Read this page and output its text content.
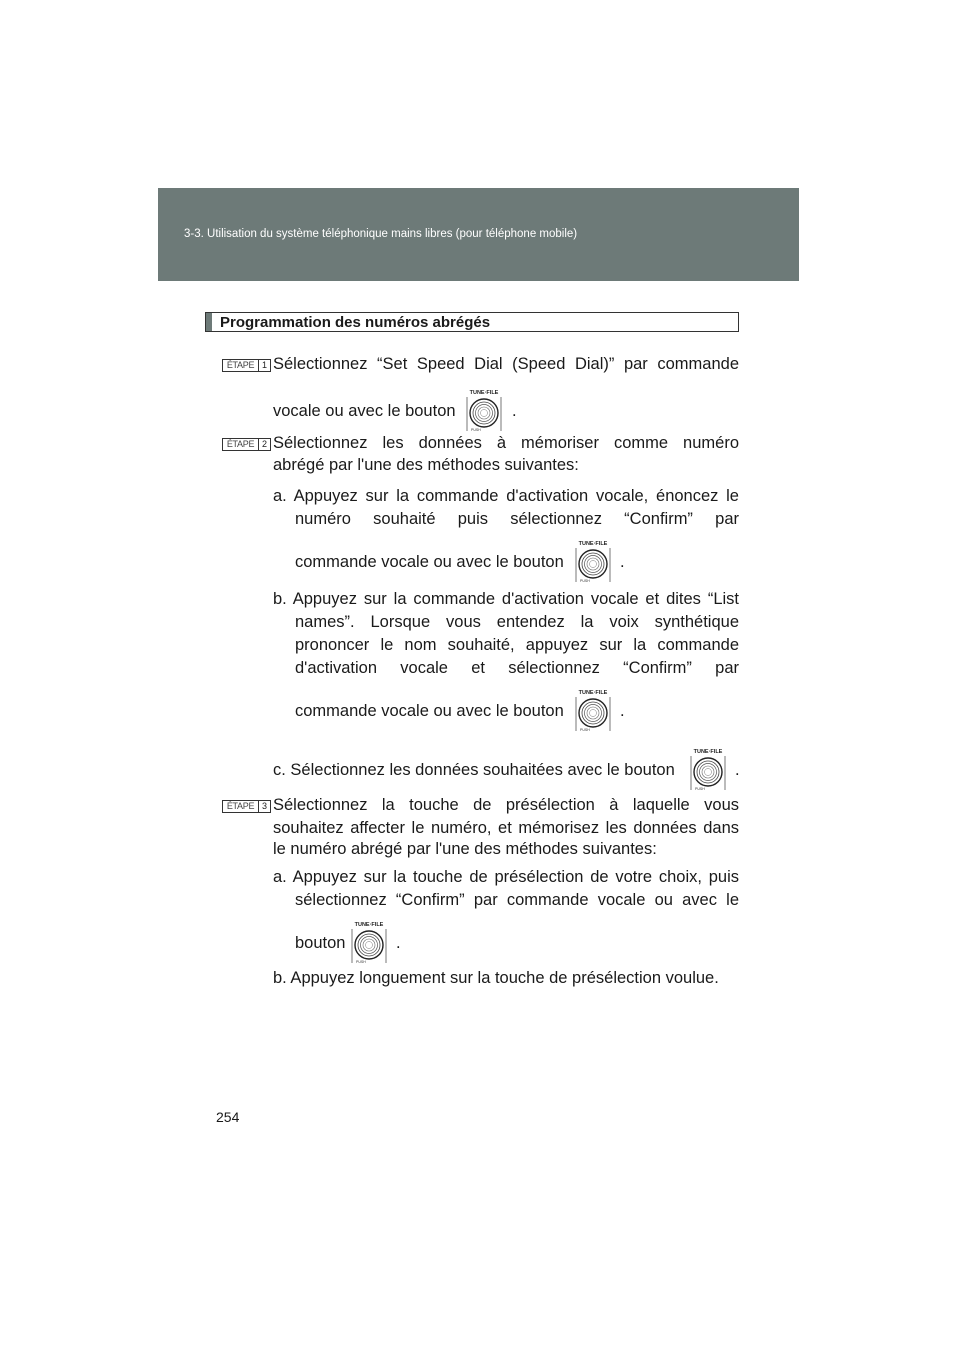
3-3. Utilisation du système téléphonique mains libres (pour téléphone mobile)
Programmation des numéros abrégés
ÉTAPE 1 Sélectionnez “Set Speed Dial (Speed Dial)” par commande

vocale ou avec le bouton

TUNE·FILE
PUSH

.

ÉTAPE 2 Sélectionnez les données à mémoriser comme numéro

abrégé par l'une des méthodes suivantes:

a. Appuyez sur la commande d'activation vocale, énoncez le

numéro souhaité puis sélectionnez “Confirm” par

commande vocale ou avec le bouton

TUNE·FILE
PUSH

.

b. Appuyez sur la commande d'activation vocale et dites “List

names”. Lorsque vous entendez la voix synthétique

prononcer le nom souhaité, appuyez sur la commande

d'activation vocale et sélectionnez “Confirm” par

commande vocale ou avec le bouton

TUNE·FILE
PUSH

.

c. Sélectionnez les données souhaitées avec le bouton

TUNE·FILE
PUSH

.

ÉTAPE 3 Sélectionnez la touche de présélection à laquelle vous

souhaitez affecter le numéro, et mémorisez les données dans

le numéro abrégé par l'une des méthodes suivantes:

a. Appuyez sur la touche de présélection de votre choix, puis

sélectionnez “Confirm” par commande vocale ou avec le

bouton

TUNE·FILE
PUSH

.

b. Appuyez longuement sur la touche de présélection voulue.

254
